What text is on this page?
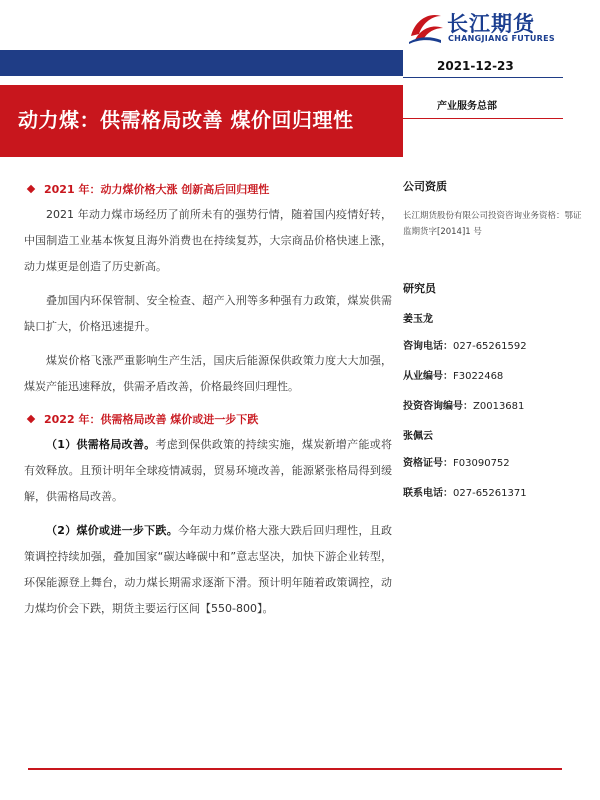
长江期货
CHANGJIANG FUTURES
2021-12-23
动力煤：供需格局改善 煤价回归理性
产业服务总部
2021 年：动力煤价格大涨 创新高后回归理性

2021 年动力煤市场经历了前所未有的强势行情，随着国内疫情好转，中国制造工业基本恢复且海外消费也在持续复苏，大宗商品价格快速上涨，动力煤更是创造了历史新高。

叠加国内环保管制、安全检查、超产入刑等多种强有力政策，煤炭供需缺口扩大，价格迅速提升。

煤炭价格飞涨严重影响生产生活，国庆后能源保供政策力度大大加强，煤炭产能迅速释放，供需矛盾改善，价格最终回归理性。

2022 年：供需格局改善 煤价或进一步下跌

（1）供需格局改善。考虑到保供政策的持续实施，煤炭新增产能或将有效释放。且预计明年全球疫情减弱，贸易环境改善，能源紧张格局得到缓解，供需格局改善。

（2）煤价或进一步下跌。今年动力煤价格大涨大跌后回归理性，且政策调控持续加强，叠加国家“碳达峰碳中和”意志坚决，加快下游企业转型，环保能源登上舞台，动力煤长期需求逐渐下滑。预计明年随着政策调控，动力煤均价会下跌，期货主要运行区间【550-800】。

公司资质
长江期货股份有限公司投资咨询业务资格：鄂证监期货字[2014]1 号
研究员
姜玉龙
咨询电话：027-65261592
从业编号：F3022468
投资咨询编号：Z0013681
张佩云
资格证号：F03090752
联系电话：027-65261371
